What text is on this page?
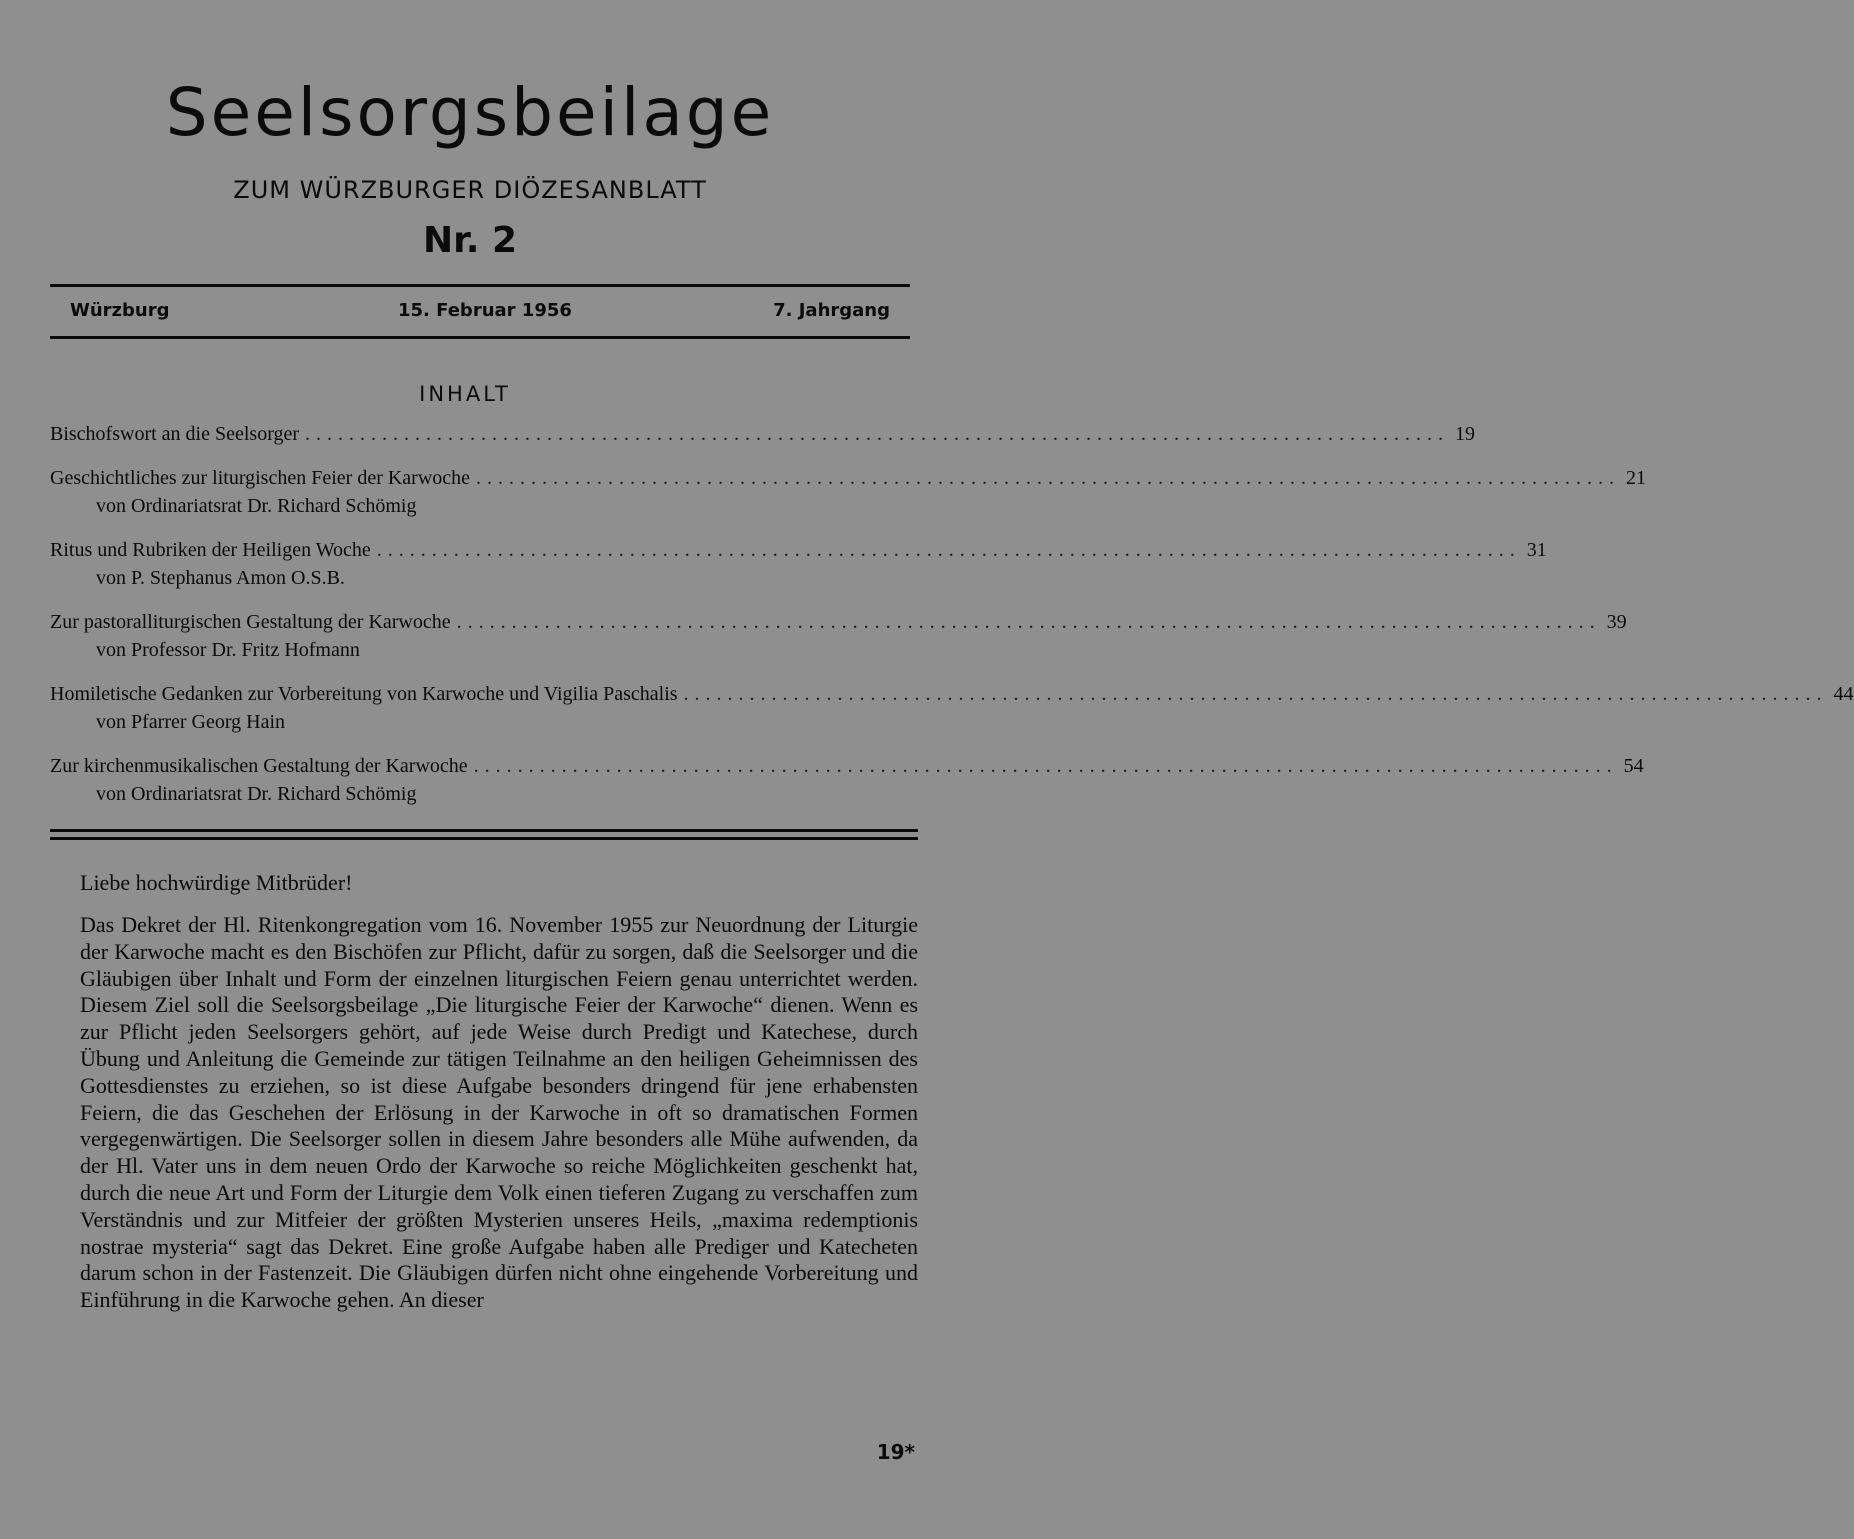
Seelsorgsbeilage
ZUM WÜRZBURGER DIÖZESANBLATT
Nr. 2
Würzburg	15. Februar 1956	7. Jahrgang
INHALT
Bischofswort an die Seelsorger ........................................................................................................ 19
Geschichtliches zur liturgischen Feier der Karwoche ........................................................................................................ 21
von Ordinariatsrat Dr. Richard Schömig
Ritus und Rubriken der Heiligen Woche ........................................................................................................ 31
von P. Stephanus Amon O.S.B.
Zur pastoralliturgischen Gestaltung der Karwoche ........................................................................................................ 39
von Professor Dr. Fritz Hofmann
Homiletische Gedanken zur Vorbereitung von Karwoche und Vigilia Paschalis ........................................................................................................ 44
von Pfarrer Georg Hain
Zur kirchenmusikalischen Gestaltung der Karwoche ........................................................................................................ 54
von Ordinariatsrat Dr. Richard Schömig
Liebe hochwürdige Mitbrüder!
Das Dekret der Hl. Ritenkongregation vom 16. November 1955 zur Neuordnung der Liturgie der Karwoche macht es den Bischöfen zur Pflicht, dafür zu sorgen, daß die Seelsorger und die Gläubigen über Inhalt und Form der einzelnen liturgischen Feiern genau unterrichtet werden. Diesem Ziel soll die Seelsorgsbeilage „Die liturgische Feier der Karwoche“ dienen. Wenn es zur Pflicht jeden Seelsorgers gehört, auf jede Weise durch Predigt und Katechese, durch Übung und Anleitung die Gemeinde zur tätigen Teilnahme an den heiligen Geheimnissen des Gottesdienstes zu erziehen, so ist diese Aufgabe besonders dringend für jene erhabensten Feiern, die das Geschehen der Erlösung in der Karwoche in oft so dramatischen Formen vergegenwärtigen. Die Seelsorger sollen in diesem Jahre besonders alle Mühe aufwenden, da der Hl. Vater uns in dem neuen Ordo der Karwoche so reiche Möglichkeiten geschenkt hat, durch die neue Art und Form der Liturgie dem Volk einen tieferen Zugang zu verschaffen zum Verständnis und zur Mitfeier der größten Mysterien unseres Heils, „maxima redemptionis nostrae mysteria“ sagt das Dekret. Eine große Aufgabe haben alle Prediger und Katecheten darum schon in der Fastenzeit. Die Gläubigen dürfen nicht ohne eingehende Vorbereitung und Einführung in die Karwoche gehen. An dieser
19*
